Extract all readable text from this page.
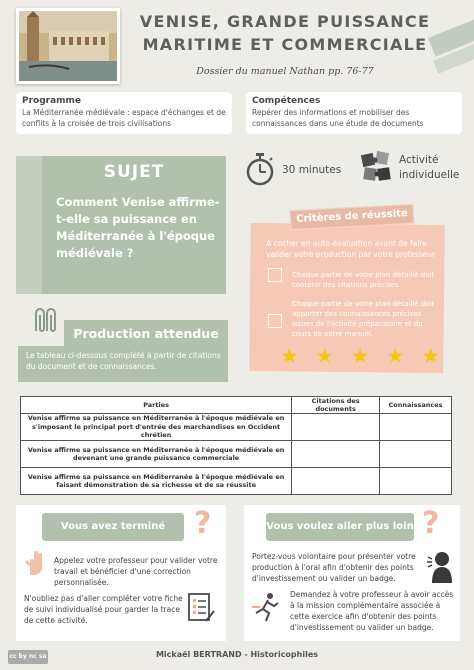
VENISE, GRANDE PUISSANCE
MARITIME ET COMMERCIALE
Dossier du manuel Nathan pp. 76-77
Programme
La Méditerranée médiévale : espace d'échanges et de conflits à la croisée de trois civilisations
Compétences
Repérer des informations et mobiliser des connaissances dans une étude de documents
SUJET
Comment Venise affirme-t-elle sa puissance en Méditerranée à l'époque médiévale ?
30 minutes
Activité
individuelle
Critères de réussite
A cocher en auto-évaluation avant de faire valider votre production par votre professeur :
Chaque partie de votre plan détaillé doit contenir des citations précises
Chaque partie de votre plan détaillé doit apporter des connaissances précises issues de l'activité préparatoire et du cours de votre manuel.
★ ★ ★ ★ ★
Production attendue
Le tableau ci-dessous complété à partir de citations du document et de connaissances.
Parties	Citations des documents	Connaissances
Venise affirme sa puissance en Méditerranée à l'époque médiévale en s'imposant le principal port d'entrée des marchandises en Occident chrétien		
Venise affirme sa puissance en Méditerranée à l'époque médiévale en devenant une grande puissance commerciale		
Venise affirme sa puissance en Méditerranée à l'époque médiévale en faisant démonstration de sa richesse et de sa réussite		
Vous avez terminé ?
Appelez votre professeur pour valider votre travail et bénéficier d'une correction personnalisée.
N'oubliez pas d'aller compléter votre fiche de suivi individualisé pour garder la trace de cette activité.
Vous voulez aller plus loin ?
Portez-vous volontaire pour présenter votre production à l'oral afin d'obtenir des points d'investissement ou valider un badge.
Demandez à votre professeur à avoir accès à la mission complémentaire associée à cette exercice afin d'obtenir des points d'investissement ou valider un badge.
cc by nc sa	Mickaël BERTRAND - Historicophiles
